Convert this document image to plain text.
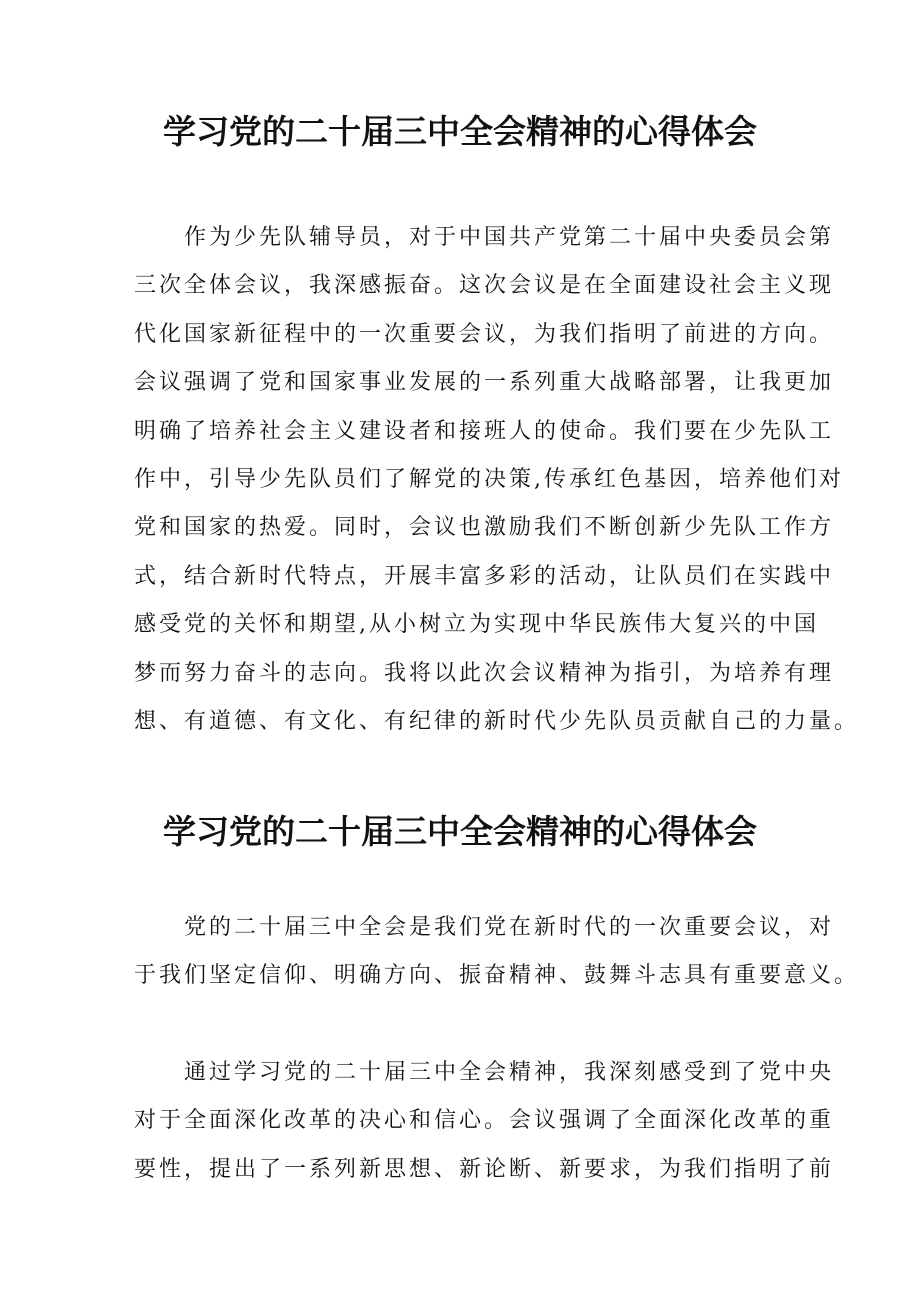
学习党的二十届三中全会精神的心得体会
　　作为少先队辅导员，对于中国共产党第二十届中央委员会第
三次全体会议，我深感振奋。这次会议是在全面建设社会主义现
代化国家新征程中的一次重要会议，为我们指明了前进的方向。
会议强调了党和国家事业发展的一系列重大战略部署，让我更加
明确了培养社会主义建设者和接班人的使命。我们要在少先队工
作中，引导少先队员们了解党的决策,传承红色基因，培养他们对
党和国家的热爱。同时，会议也激励我们不断创新少先队工作方
式，结合新时代特点，开展丰富多彩的活动，让队员们在实践中
感受党的关怀和期望,从小树立为实现中华民族伟大复兴的中国
梦而努力奋斗的志向。我将以此次会议精神为指引，为培养有理
想、有道德、有文化、有纪律的新时代少先队员贡献自己的力量。
学习党的二十届三中全会精神的心得体会
　　党的二十届三中全会是我们党在新时代的一次重要会议，对
于我们坚定信仰、明确方向、振奋精神、鼓舞斗志具有重要意义。
　　通过学习党的二十届三中全会精神，我深刻感受到了党中央
对于全面深化改革的决心和信心。会议强调了全面深化改革的重
要性，提出了一系列新思想、新论断、新要求，为我们指明了前
